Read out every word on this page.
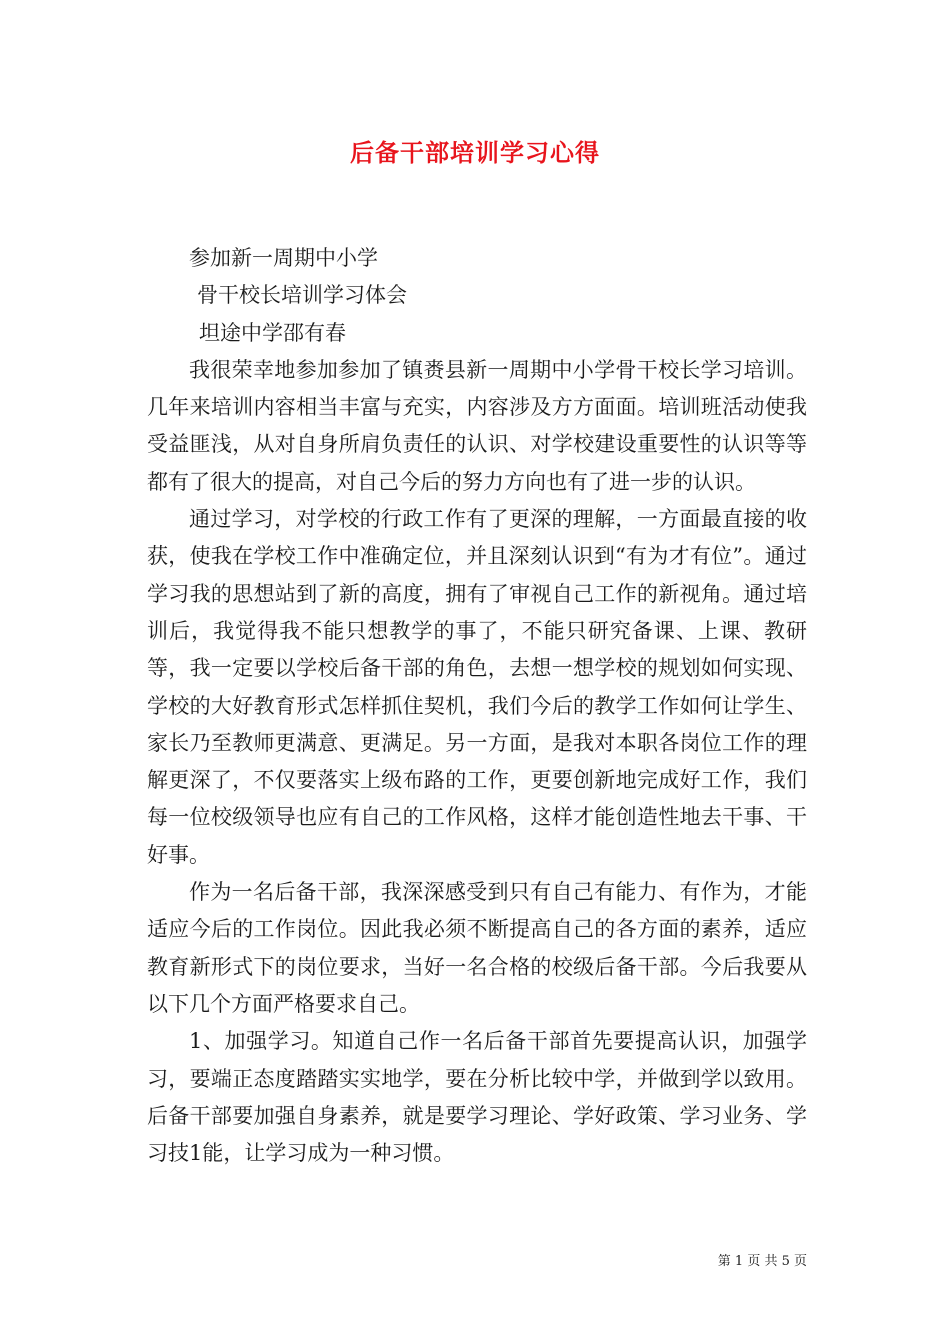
后备干部培训学习心得

参加新一周期中小学

骨干校长培训学习体会

坦途中学邵有春

我很荣幸地参加参加了镇赉县新一周期中小学骨干校长学习培训。几年来培训内容相当丰富与充实，内容涉及方方面面。培训班活动使我受益匪浅，从对自身所肩负责任的认识、对学校建设重要性的认识等等都有了很大的提高，对自己今后的努力方向也有了进一步的认识。

通过学习，对学校的行政工作有了更深的理解，一方面最直接的收获，使我在学校工作中准确定位，并且深刻认识到“有为才有位”。通过学习我的思想站到了新的高度，拥有了审视自己工作的新视角。通过培训后，我觉得我不能只想教学的事了，不能只研究备课、上课、教研等，我一定要以学校后备干部的角色，去想一想学校的规划如何实现、学校的大好教育形式怎样抓住契机，我们今后的教学工作如何让学生、家长乃至教师更满意、更满足。另一方面，是我对本职各岗位工作的理解更深了，不仅要落实上级布路的工作，更要创新地完成好工作，我们每一位校级领导也应有自己的工作风格，这样才能创造性地去干事、干好事。

作为一名后备干部，我深深感受到只有自己有能力、有作为，才能适应今后的工作岗位。因此我必须不断提高自己的各方面的素养，适应教育新形式下的岗位要求，当好一名合格的校级后备干部。今后我要从以下几个方面严格要求自己。

1、加强学习。知道自己作一名后备干部首先要提高认识，加强学习，要端正态度踏踏实实地学，要在分析比较中学，并做到学以致用。后备干部要加强自身素养，就是要学习理论、学好政策、学习业务、学习技1能，让学习成为一种习惯。

第 1 页 共 5 页
